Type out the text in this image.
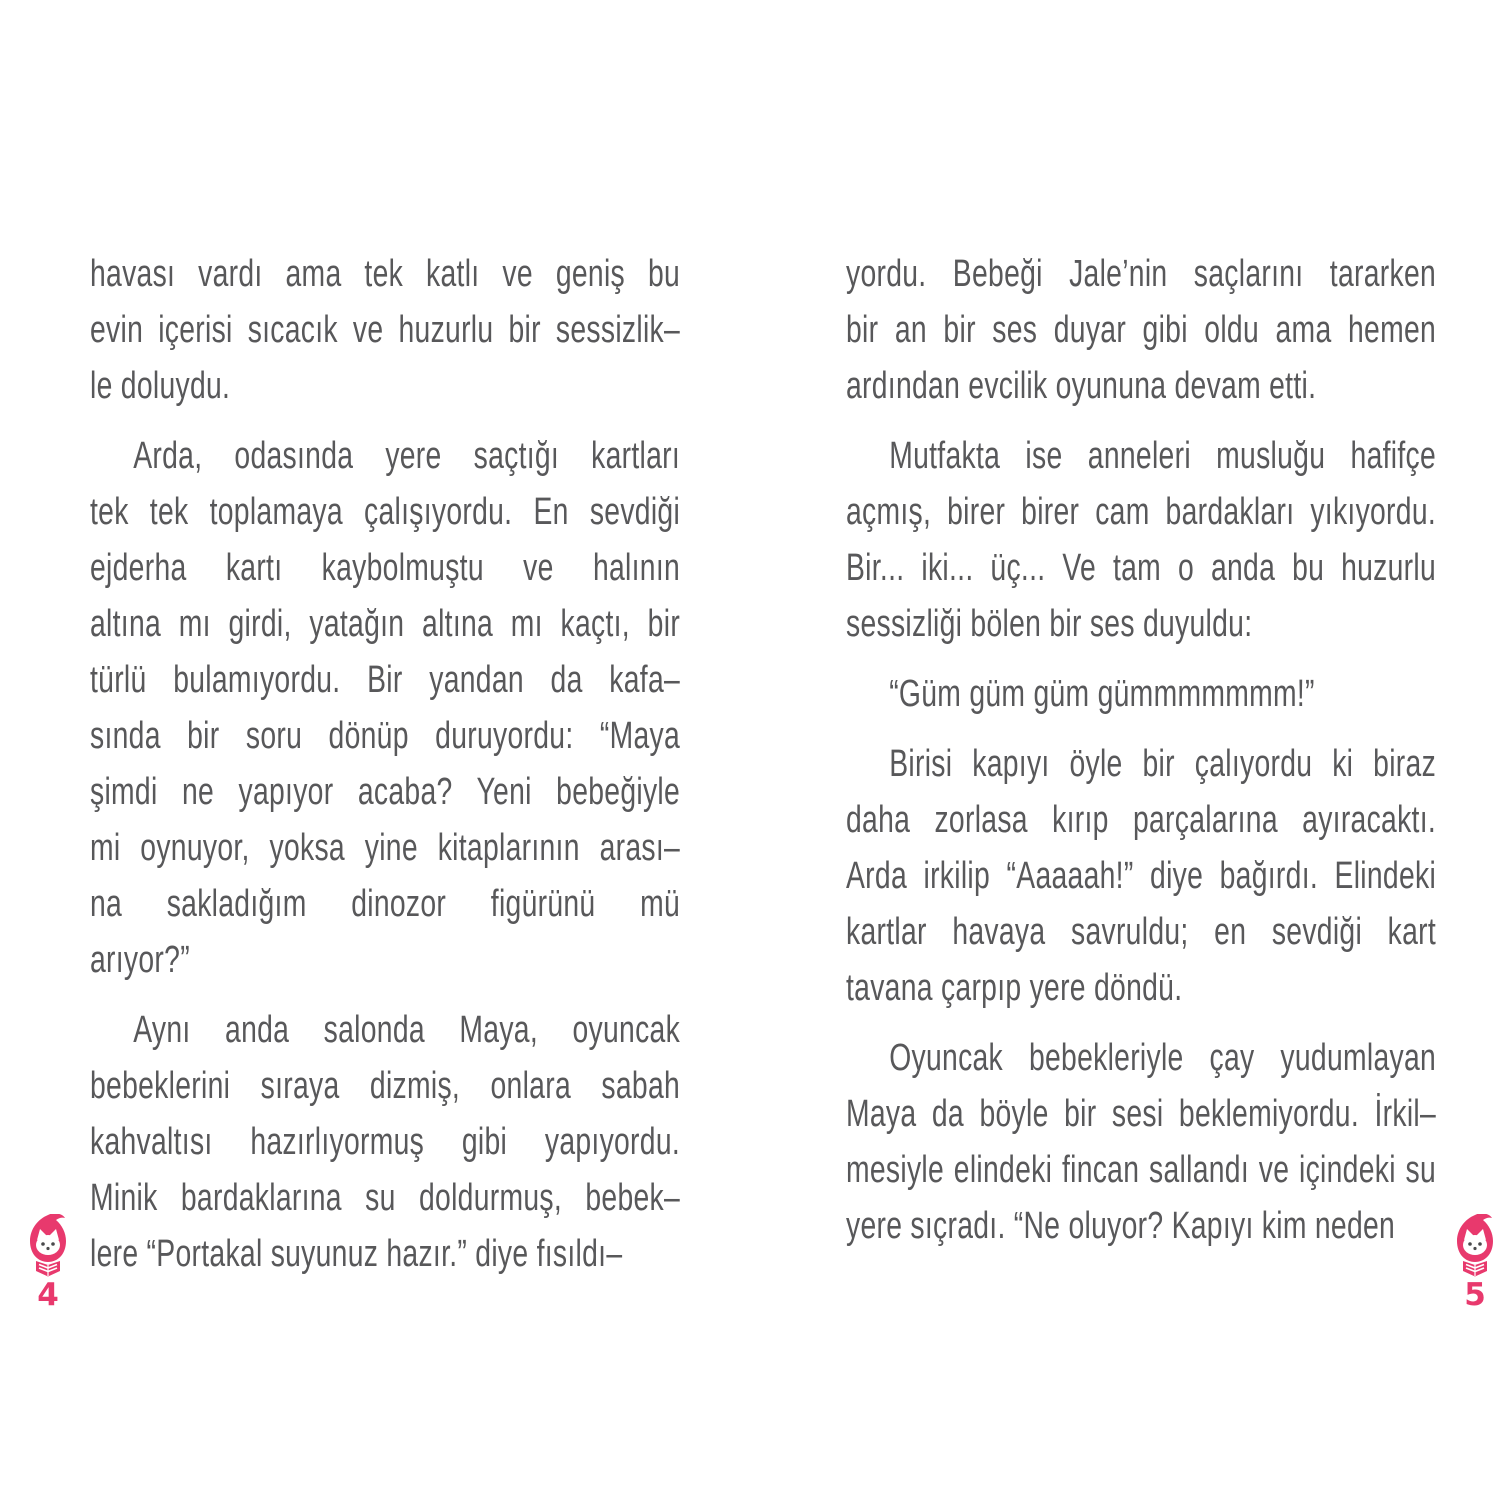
havası vardı ama tek katlı ve geniş bu
evin içerisi sıcacık ve huzurlu bir sessizlik–
le doluydu.
Arda, odasında yere saçtığı kartları
tek tek toplamaya çalışıyordu. En sevdiği
ejderha kartı kaybolmuştu ve halının
altına mı girdi, yatağın altına mı kaçtı, bir
türlü bulamıyordu. Bir yandan da kafa–
sında bir soru dönüp duruyordu: “Maya
şimdi ne yapıyor acaba? Yeni bebeğiyle
mi oynuyor, yoksa yine kitaplarının arası–
na sakladığım dinozor figürünü mü
arıyor?”
Aynı anda salonda Maya, oyuncak
bebeklerini sıraya dizmiş, onlara sabah
kahvaltısı hazırlıyormuş gibi yapıyordu.
Minik bardaklarına su doldurmuş, bebek–
lere “Portakal suyunuz hazır.” diye fısıldı–
yordu. Bebeği Jale’nin saçlarını tararken
bir an bir ses duyar gibi oldu ama hemen
ardından evcilik oyununa devam etti.
Mutfakta ise anneleri musluğu hafifçe
açmış, birer birer cam bardakları yıkıyordu.
Bir... iki... üç... Ve tam o anda bu huzurlu
sessizliği bölen bir ses duyuldu:
“Güm güm güm gümmmmmmm!”
Birisi kapıyı öyle bir çalıyordu ki biraz
daha zorlasa kırıp parçalarına ayıracaktı.
Arda irkilip “Aaaaah!” diye bağırdı. Elindeki
kartlar havaya savruldu; en sevdiği kart
tavana çarpıp yere döndü.
Oyuncak bebekleriyle çay yudumlayan
Maya da böyle bir sesi beklemiyordu. İrkil–
mesiyle elindeki fincan sallandı ve içindeki su
yere sıçradı. “Ne oluyor? Kapıyı kim neden
4	5
